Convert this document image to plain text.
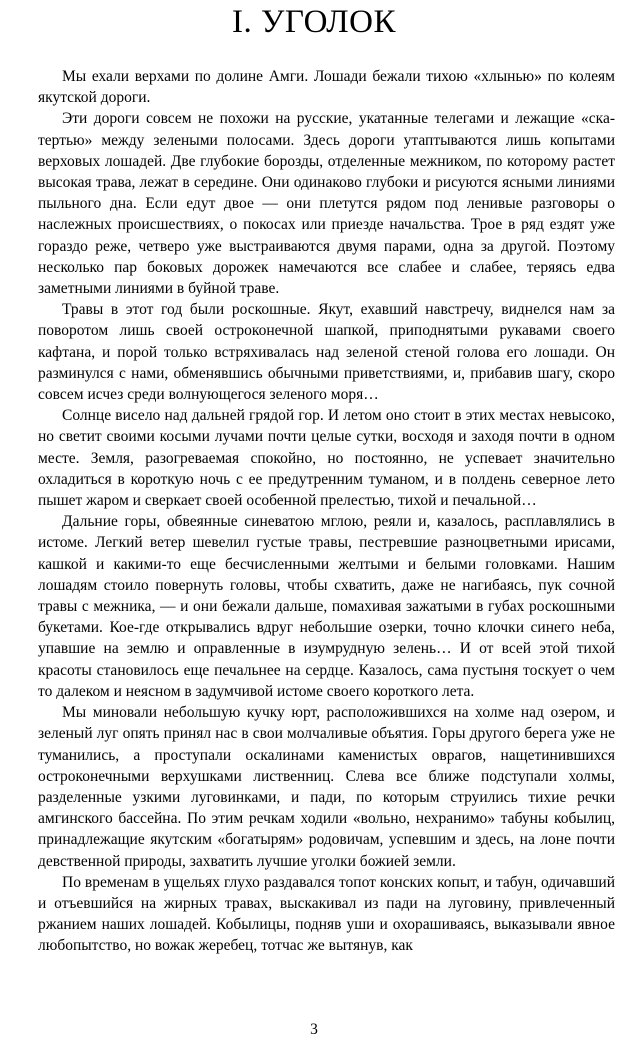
I. УГОЛОК

Мы ехали верхами по долине Амги. Лошади бежали тихою «хлынью» по колеям якутской дороги.

Эти дороги совсем не похожи на русские, укатанные телегами и лежащие «скатертью» между зелеными полосами. Здесь дороги утаптываются лишь копытами верховых лошадей. Две глубокие борозды, отделенные межником, по которому растет высокая трава, лежат в середине. Они одинаково глубоки и рисуются ясными линиями пыльного дна. Если едут двое — они плетутся рядом под ленивые разговоры о наслежных происшествиях, о покосах или приезде начальства. Трое в ряд ездят уже гораздо реже, четверо уже выстраиваются двумя парами, одна за другой. Поэтому несколько пар боковых дорожек намечаются все слабее и слабее, теряясь едва заметными линиями в буйной траве.

Травы в этот год были роскошные. Якут, ехавший навстречу, виднелся нам за поворотом лишь своей остроконечной шапкой, приподнятыми рукавами своего кафтана, и порой только встряхивалась над зеленой стеной голова его лошади. Он разминулся с нами, обменявшись обычными приветствиями, и, прибавив шагу, скоро совсем исчез среди волнующегося зеленого моря…

Солнце висело над дальней грядой гор. И летом оно стоит в этих местах невысоко, но светит своими косыми лучами почти целые сутки, восходя и заходя почти в одном месте. Земля, разогреваемая спокойно, но постоянно, не успевает значительно охладиться в короткую ночь с ее предутренним туманом, и в полдень северное лето пышет жаром и сверкает своей особенной прелестью, тихой и печальной…

Дальние горы, обвеянные синеватою мглою, реяли и, казалось, расплавлялись в истоме. Легкий ветер шевелил густые травы, пестревшие разноцветными ирисами, кашкой и какими-то еще бесчисленными желтыми и белыми головками. Нашим лошадям стоило повернуть головы, чтобы схватить, даже не нагибаясь, пук сочной травы с межника, — и они бежали дальше, помахивая зажатыми в губах роскошными букетами. Кое-где открывались вдруг небольшие озерки, точно клочки синего неба, упавшие на землю и оправленные в изумрудную зелень… И от всей этой тихой красоты становилось еще печальнее на сердце. Казалось, сама пустыня тоскует о чем то далеком и неясном в задумчивой истоме своего короткого лета.

Мы миновали небольшую кучку юрт, расположившихся на холме над озером, и зеленый луг опять принял нас в свои молчаливые объятия. Горы другого берега уже не туманились, а проступали оскалинами каменистых оврагов, нащетинившихся остроконечными верхушками лиственниц. Слева все ближе подступали холмы, разделенные узкими луговинками, и пади, по которым струились тихие речки амгинского бассейна. По этим речкам ходили «вольно, нехранимо» табуны кобылиц, принадлежащие якутским «богатырям» родовичам, успевшим и здесь, на лоне почти девственной природы, захватить лучшие уголки божией земли.

По временам в ущельях глухо раздавался топот конских копыт, и табун, одичавший и отъевшийся на жирных травах, выскакивал из пади на луговину, привлеченный ржанием наших лошадей. Кобылицы, подняв уши и охорашиваясь, выказывали явное любопытство, но вожак жеребец, тотчас же вытянув, как

3
